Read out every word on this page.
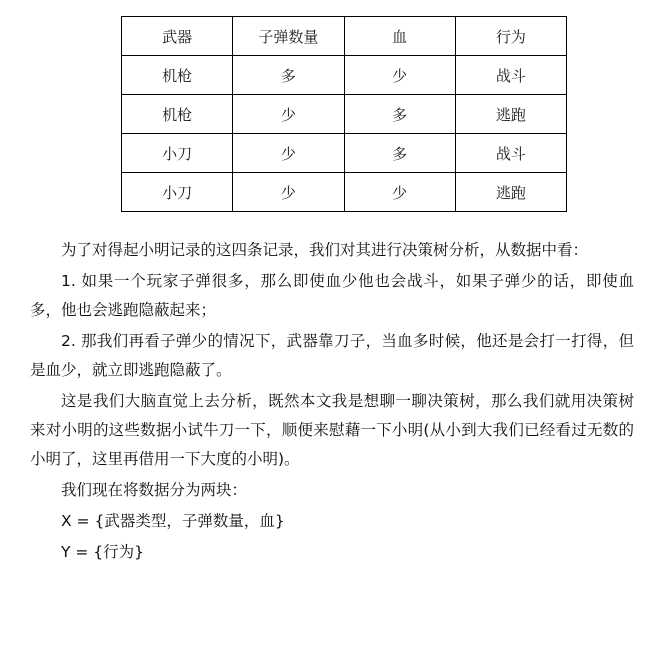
武器	子弹数量	血	行为
机枪	多	少	战斗
机枪	少	多	逃跑
小刀	少	多	战斗
小刀	少	少	逃跑

为了对得起小明记录的这四条记录，我们对其进行决策树分析，从数据中看：

1. 如果一个玩家子弹很多，那么即使血少他也会战斗，如果子弹少的话，即使血多，他也会逃跑隐蔽起来；

2. 那我们再看子弹少的情况下，武器靠刀子，当血多时候，他还是会打一打得，但是血少，就立即逃跑隐蔽了。

这是我们大脑直觉上去分析，既然本文我是想聊一聊决策树，那么我们就用决策树来对小明的这些数据小试牛刀一下，顺便来慰藉一下小明(从小到大我们已经看过无数的小明了，这里再借用一下大度的小明)。

我们现在将数据分为两块：

X = {武器类型，子弹数量，血}

Y = {行为}
